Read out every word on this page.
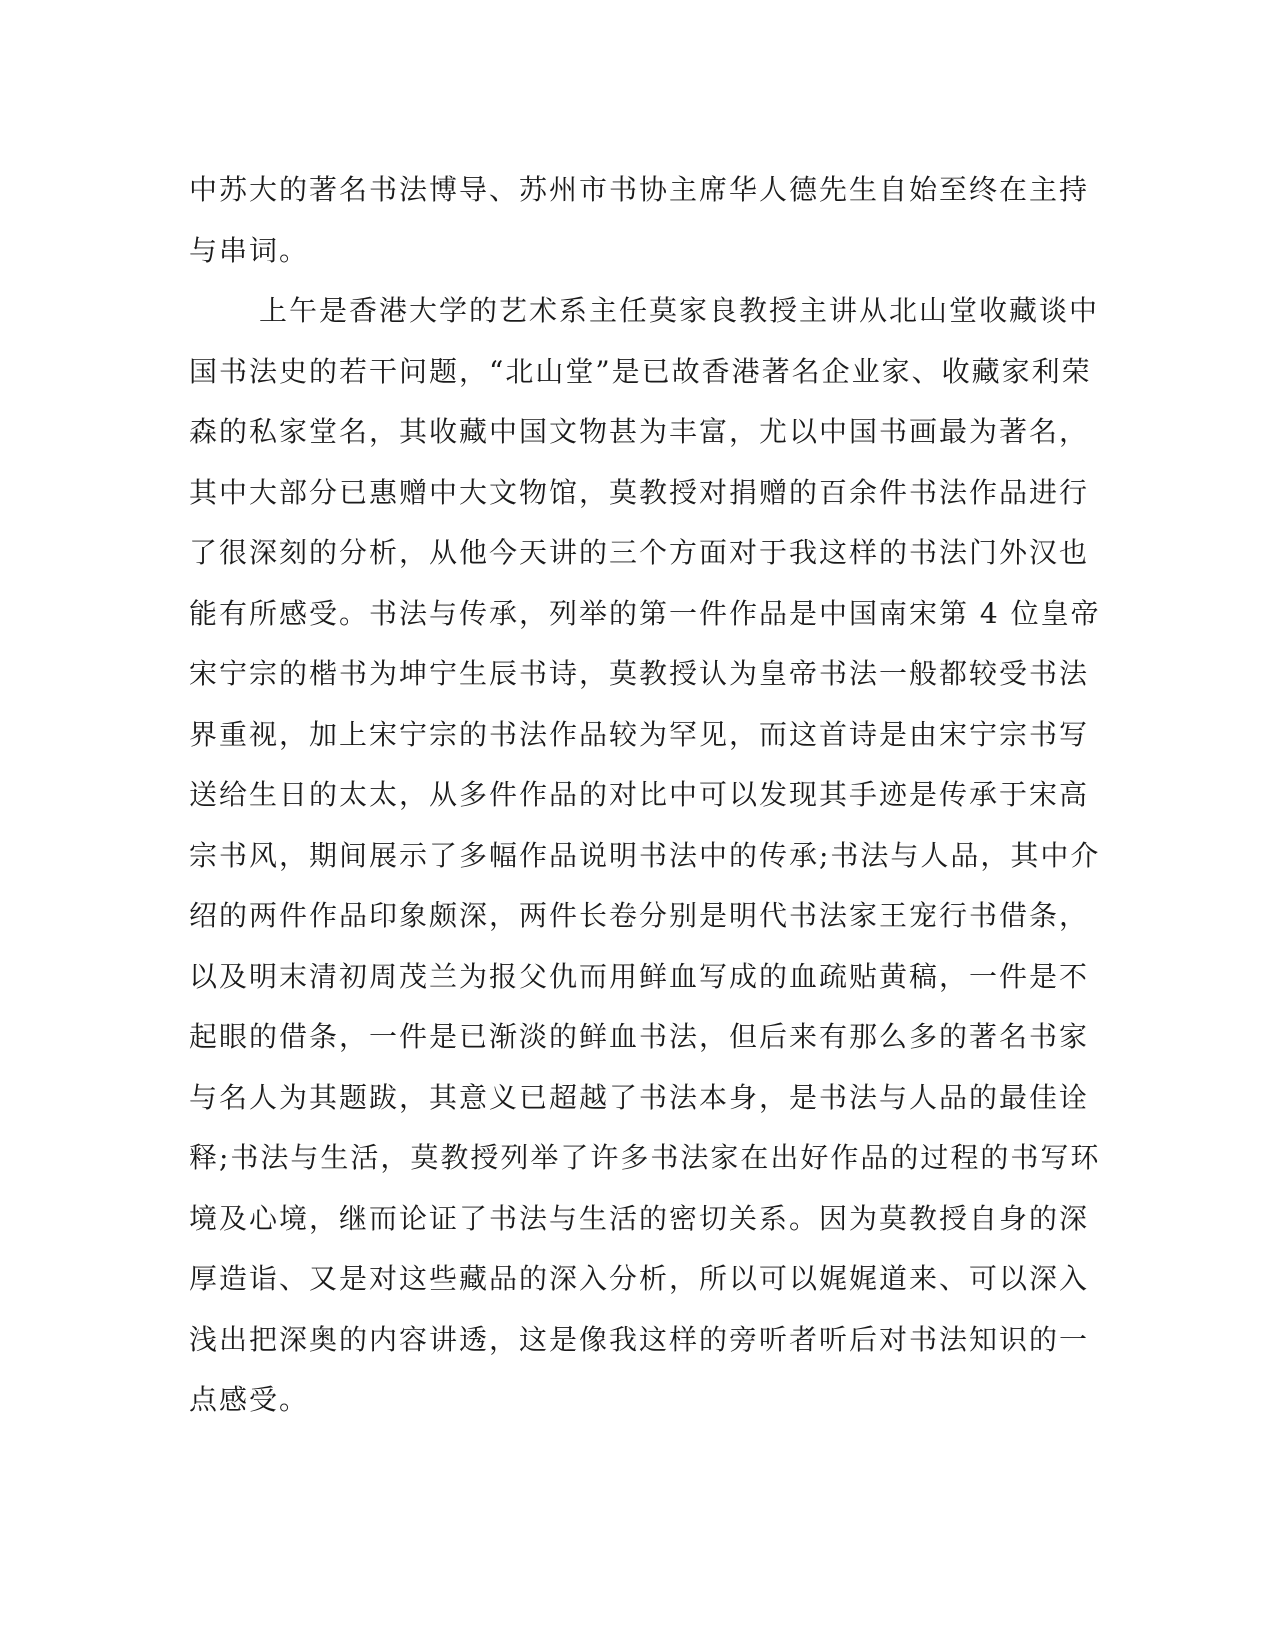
中苏大的著名书法博导、苏州市书协主席华人德先生自始至终在主持
与串词。
上午是香港大学的艺术系主任莫家良教授主讲从北山堂收藏谈中
国书法史的若干问题，“北山堂”是已故香港著名企业家、收藏家利荣
森的私家堂名，其收藏中国文物甚为丰富，尤以中国书画最为著名，
其中大部分已惠赠中大文物馆，莫教授对捐赠的百余件书法作品进行
了很深刻的分析，从他今天讲的三个方面对于我这样的书法门外汉也
能有所感受。书法与传承，列举的第一件作品是中国南宋第 4 位皇帝
宋宁宗的楷书为坤宁生辰书诗，莫教授认为皇帝书法一般都较受书法
界重视，加上宋宁宗的书法作品较为罕见，而这首诗是由宋宁宗书写
送给生日的太太，从多件作品的对比中可以发现其手迹是传承于宋高
宗书风，期间展示了多幅作品说明书法中的传承;书法与人品，其中介
绍的两件作品印象颇深，两件长卷分别是明代书法家王宠行书借条，
以及明末清初周茂兰为报父仇而用鲜血写成的血疏贴黄稿，一件是不
起眼的借条，一件是已渐淡的鲜血书法，但后来有那么多的著名书家
与名人为其题跋，其意义已超越了书法本身，是书法与人品的最佳诠
释;书法与生活，莫教授列举了许多书法家在出好作品的过程的书写环
境及心境，继而论证了书法与生活的密切关系。因为莫教授自身的深
厚造诣、又是对这些藏品的深入分析，所以可以娓娓道来、可以深入
浅出把深奥的内容讲透，这是像我这样的旁听者听后对书法知识的一
点感受。
